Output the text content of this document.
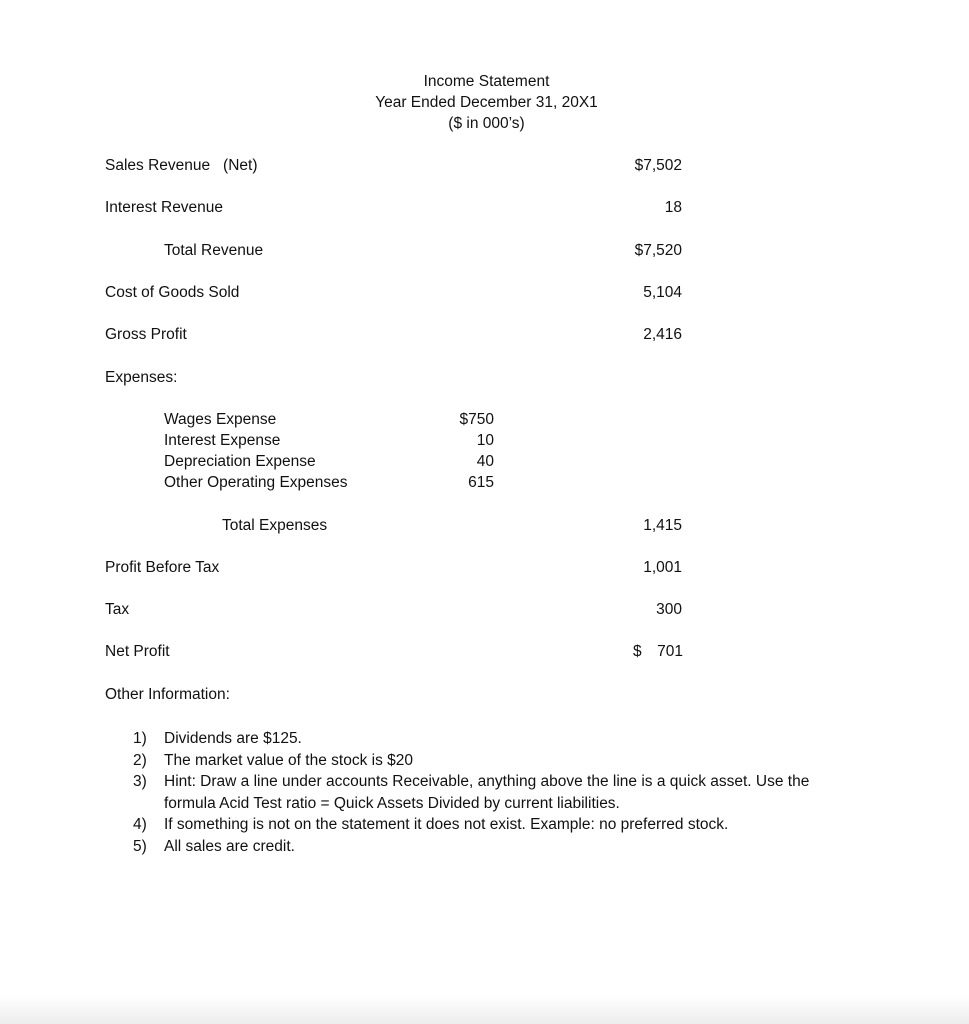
Income Statement
Year Ended December 31, 20X1
($ in 000’s)
Sales Revenue   (Net)	$7,502
Interest Revenue	18
Total Revenue	$7,520
Cost of Goods Sold	5,104
Gross Profit	2,416
Expenses:
Wages Expense	$750
Interest Expense	10
Depreciation Expense	40
Other Operating Expenses	615
Total Expenses	1,415
Profit Before Tax	1,001
Tax	300
Net Profit	$ 701
Other Information:
1)	Dividends are $125.
2)	The market value of the stock is $20
3)	Hint: Draw a line under accounts Receivable, anything above the line is a quick asset. Use the formula Acid Test ratio = Quick Assets Divided by current liabilities.
4)	If something is not on the statement it does not exist. Example: no preferred stock.
5)	All sales are credit.
